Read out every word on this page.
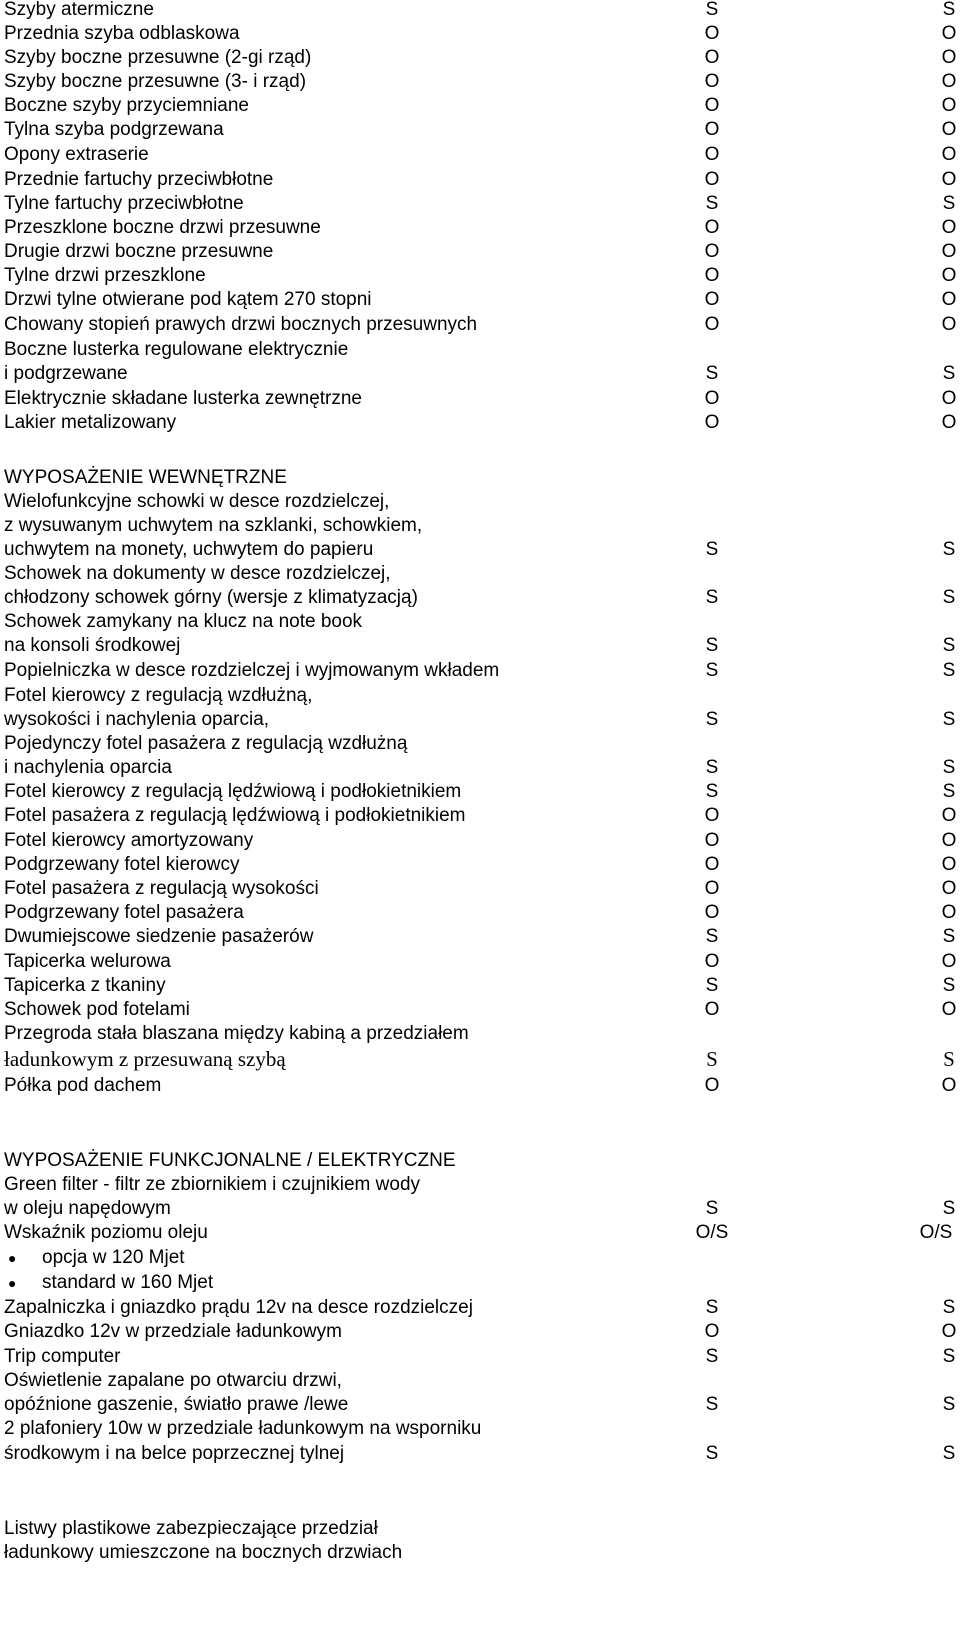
Szyby atermiczne	S	S
Przednia szyba odblaskowa	O	O
Szyby boczne przesuwne (2-gi rząd)	O	O
Szyby boczne przesuwne (3- i rząd)	O	O
Boczne szyby przyciemniane	O	O
Tylna szyba podgrzewana	O	O
Opony extraserie	O	O
Przednie fartuchy przeciwbłotne	O	O
Tylne fartuchy przeciwbłotne	S	S
Przeszklone boczne drzwi przesuwne	O	O
Drugie drzwi boczne przesuwne	O	O
Tylne drzwi przeszklone	O	O
Drzwi tylne otwierane pod kątem 270 stopni	O	O
Chowany stopień prawych drzwi bocznych przesuwnych	O	O
Boczne lusterka regulowane elektrycznie
i podgrzewane	S	S
Elektrycznie składane lusterka zewnętrzne	O	O
Lakier metalizowany	O	O
WYPOSAŻENIE WEWNĘTRZNE
Wielofunkcyjne schowki w desce rozdzielczej,
z wysuwanym uchwytem na szklanki, schowkiem,
uchwytem na monety, uchwytem do papieru	S	S
Schowek na dokumenty w desce rozdzielczej,
chłodzony schowek górny (wersje z klimatyzacją)	S	S
Schowek zamykany na klucz na note book
na konsoli środkowej	S	S
Popielniczka w desce rozdzielczej i wyjmowanym wkładem	S	S
Fotel kierowcy z regulacją wzdłużną,
wysokości i nachylenia oparcia,	S	S
Pojedynczy fotel pasażera z regulacją wzdłużną
i nachylenia oparcia	S	S
Fotel kierowcy z regulacją lędźwiową i podłokietnikiem	S	S
Fotel pasażera z regulacją lędźwiową i podłokietnikiem	O	O
Fotel kierowcy amortyzowany	O	O
Podgrzewany fotel kierowcy	O	O
Fotel pasażera z regulacją wysokości	O	O
Podgrzewany fotel pasażera	O	O
Dwumiejscowe siedzenie pasażerów	S	S
Tapicerka welurowa	O	O
Tapicerka z tkaniny	S	S
Schowek pod fotelami	O	O
Przegroda stała blaszana między kabiną a przedziałem
ładunkowym z przesuwaną szybą	S	S
Półka pod dachem	O	O
WYPOSAŻENIE FUNKCJONALNE / ELEKTRYCZNE
Green filter - filtr ze zbiornikiem i czujnikiem wody
w oleju napędowym	S	S
Wskaźnik poziomu oleju	O/S	O/S
● opcja w 120 Mjet
● standard w 160 Mjet
Zapalniczka i gniazdko prądu 12v na desce rozdzielczej	S	S
Gniazdko 12v w przedziale ładunkowym	O	O
Trip computer	S	S
Oświetlenie zapalane po otwarciu drzwi,
opóźnione gaszenie, światło prawe /lewe	S	S
2 plafoniery 10w w przedziale ładunkowym na wsporniku
środkowym i na belce poprzecznej tylnej	S	S
Listwy plastikowe zabezpieczające przedział
ładunkowy umieszczone na bocznych drzwiach
